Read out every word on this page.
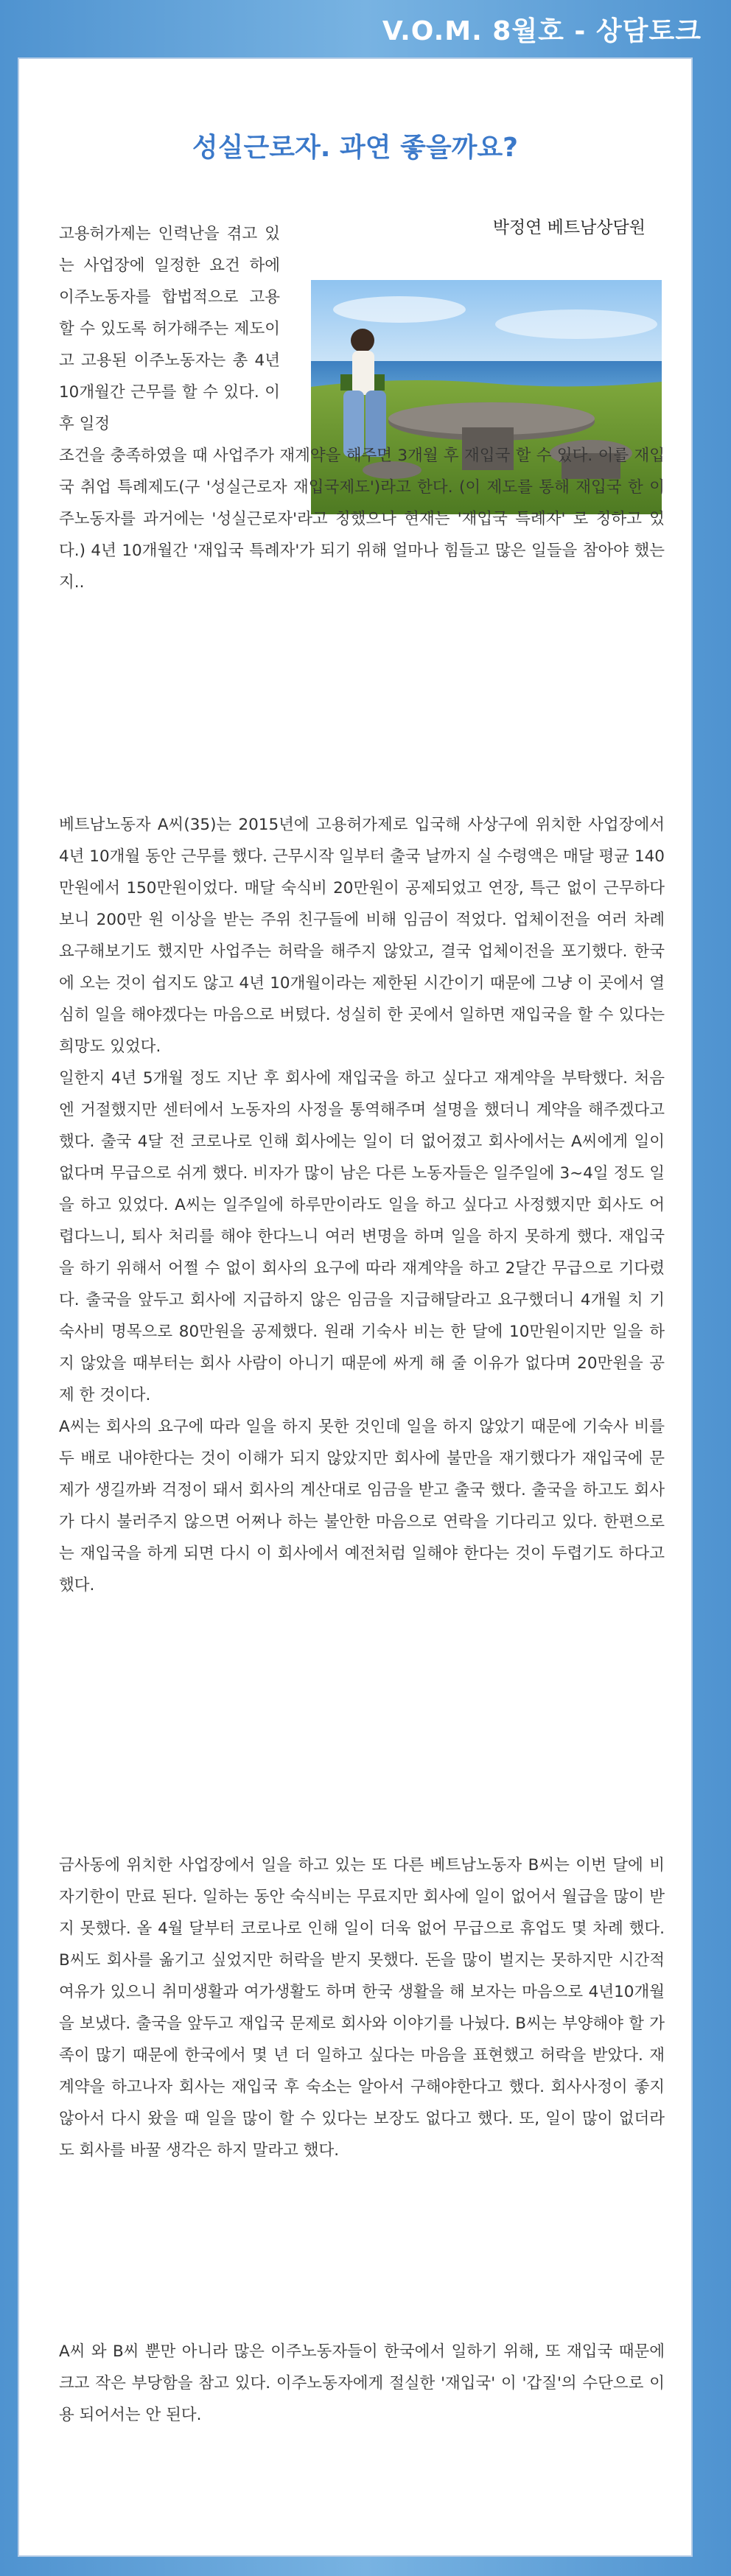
V.O.M. 8월호 - 상담토크
성실근로자. 과연 좋을까요?
박정연 베트남상담원
고용허가제는 인력난을 겪고 있는 사업장에 일정한 요건 하에 이주노동자를 합법적으로 고용 할 수 있도록 허가해주는 제도이고 고용된 이주노동자는 총 4년 10개월간 근무를 할 수 있다. 이 후 일정
조건을 충족하였을 때 사업주가 재계약을 해주면 3개월 후 재입국 할 수 있다. 이를 재입국 취업 특례제도(구 '성실근로자 재입국제도')라고 한다. (이 제도를 통해 재입국 한 이주노동자를 과거에는 '성실근로자'라고 칭했으나 현재는 '재입국 특례자' 로 칭하고 있다.) 4년 10개월간 '재입국 특례자'가 되기 위해 얼마나 힘들고 많은 일들을 참아야 했는지..

베트남노동자 A씨(35)는 2015년에 고용허가제로 입국해 사상구에 위치한 사업장에서 4년 10개월 동안 근무를 했다. 근무시작 일부터 출국 날까지 실 수령액은 매달 평균 140만원에서 150만원이었다. 매달 숙식비 20만원이 공제되었고 연장, 특근 없이 근무하다보니 200만 원 이상을 받는 주위 친구들에 비해 임금이 적었다. 업체이전을 여러 차례 요구해보기도 했지만 사업주는 허락을 해주지 않았고, 결국 업체이전을 포기했다. 한국에 오는 것이 쉽지도 않고 4년 10개월이라는 제한된 시간이기 때문에 그냥 이 곳에서 열심히 일을 해야겠다는 마음으로 버텼다. 성실히 한 곳에서 일하면 재입국을 할 수 있다는 희망도 있었다.

일한지 4년 5개월 정도 지난 후 회사에 재입국을 하고 싶다고 재계약을 부탁했다. 처음엔 거절했지만 센터에서 노동자의 사정을 통역해주며 설명을 했더니 계약을 해주겠다고 했다. 출국 4달 전 코로나로 인해 회사에는 일이 더 없어졌고 회사에서는 A씨에게 일이 없다며 무급으로 쉬게 했다. 비자가 많이 남은 다른 노동자들은 일주일에 3~4일 정도 일을 하고 있었다. A씨는 일주일에 하루만이라도 일을 하고 싶다고 사정했지만 회사도 어렵다느니, 퇴사 처리를 해야 한다느니 여러 변명을 하며 일을 하지 못하게 했다. 재입국을 하기 위해서 어쩔 수 없이 회사의 요구에 따라 재계약을 하고 2달간 무급으로 기다렸다. 출국을 앞두고 회사에 지급하지 않은 임금을 지급해달라고 요구했더니 4개월 치 기숙사비 명목으로 80만원을 공제했다. 원래 기숙사 비는 한 달에 10만원이지만 일을 하지 않았을 때부터는 회사 사람이 아니기 때문에 싸게 해 줄 이유가 없다며 20만원을 공제 한 것이다.

A씨는 회사의 요구에 따라 일을 하지 못한 것인데 일을 하지 않았기 때문에 기숙사 비를 두 배로 내야한다는 것이 이해가 되지 않았지만 회사에 불만을 재기했다가 재입국에 문제가 생길까봐 걱정이 돼서 회사의 계산대로 임금을 받고 출국 했다. 출국을 하고도 회사가 다시 불러주지 않으면 어쩌나 하는 불안한 마음으로 연락을 기다리고 있다. 한편으로는 재입국을 하게 되면 다시 이 회사에서 예전처럼 일해야 한다는 것이 두렵기도 하다고 했다.

금사동에 위치한 사업장에서 일을 하고 있는 또 다른 베트남노동자 B씨는 이번 달에 비자기한이 만료 된다. 일하는 동안 숙식비는 무료지만 회사에 일이 없어서 월급을 많이 받지 못했다. 올 4월 달부터 코로나로 인해 일이 더욱 없어 무급으로 휴업도 몇 차례 했다. B씨도 회사를 옮기고 싶었지만 허락을 받지 못했다. 돈을 많이 벌지는 못하지만 시간적 여유가 있으니 취미생활과 여가생활도 하며 한국 생활을 해 보자는 마음으로 4년10개월을 보냈다. 출국을 앞두고 재입국 문제로 회사와 이야기를 나눴다. B씨는 부양해야 할 가족이 많기 때문에 한국에서 몇 년 더 일하고 싶다는 마음을 표현했고 허락을 받았다. 재계약을 하고나자 회사는 재입국 후 숙소는 알아서 구해야한다고 했다. 회사사정이 좋지 않아서 다시 왔을 때 일을 많이 할 수 있다는 보장도 없다고 했다. 또, 일이 많이 없더라도 회사를 바꿀 생각은 하지 말라고 했다.

A씨 와 B씨 뿐만 아니라 많은 이주노동자들이 한국에서 일하기 위해, 또 재입국 때문에 크고 작은 부당함을 참고 있다. 이주노동자에게 절실한 '재입국' 이 '갑질'의 수단으로 이용 되어서는 안 된다.
